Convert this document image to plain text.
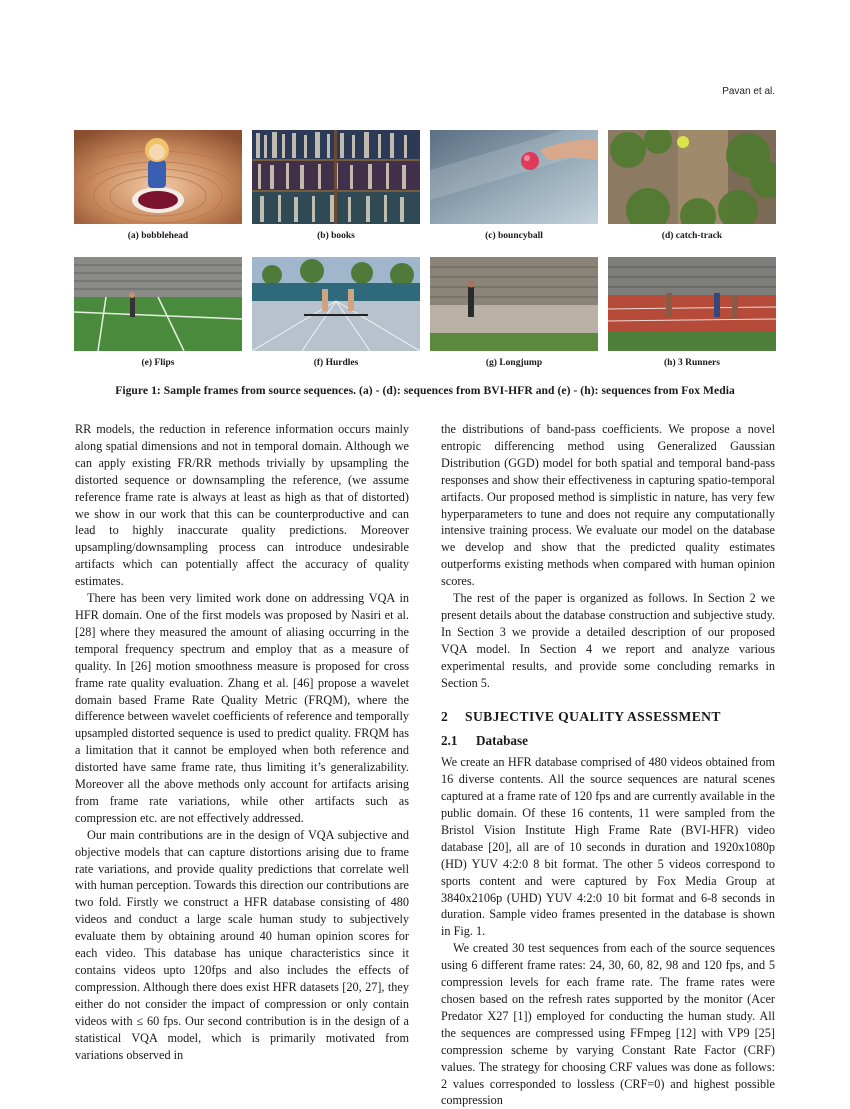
Pavan et al.
(a) bobblehead	(b) books	(c) bouncyball	(d) catch-track
(e) Flips	(f) Hurdles	(g) Longjump	(h) 3 Runners
Figure 1: Sample frames from source sequences. (a) - (d): sequences from BVI-HFR and (e) - (h): sequences from Fox Media

RR models, the reduction in reference information occurs mainly along spatial dimensions and not in temporal domain. Although we can apply existing FR/RR methods trivially by upsampling the distorted sequence or downsampling the reference, (we assume reference frame rate is always at least as high as that of distorted) we show in our work that this can be counterproductive and can lead to highly inaccurate quality predictions. Moreover upsampling/downsampling process can introduce undesirable artifacts which can potentially affect the accuracy of quality estimates.

There has been very limited work done on addressing VQA in HFR domain. One of the first models was proposed by Nasiri et al. [28] where they measured the amount of aliasing occurring in the temporal frequency spectrum and employ that as a measure of quality. In [26] motion smoothness measure is proposed for cross frame rate quality evaluation. Zhang et al. [46] propose a wavelet domain based Frame Rate Quality Metric (FRQM), where the difference between wavelet coefficients of reference and temporally upsampled distorted sequence is used to predict quality. FRQM has a limitation that it cannot be employed when both reference and distorted have same frame rate, thus limiting it’s generalizability. Moreover all the above methods only account for artifacts arising from frame rate variations, while other artifacts such as compression etc. are not effectively addressed.

Our main contributions are in the design of VQA subjective and objective models that can capture distortions arising due to frame rate variations, and provide quality predictions that correlate well with human perception. Towards this direction our contributions are two fold. Firstly we construct a HFR database consisting of 480 videos and conduct a large scale human study to subjectively evaluate them by obtaining around 40 human opinion scores for each video. This database has unique characteristics since it contains videos upto 120fps and also includes the effects of compression. Although there does exist HFR datasets [20, 27], they either do not consider the impact of compression or only contain videos with ≤ 60 fps. Our second contribution is in the design of a statistical VQA model, which is primarily motivated from variations observed in

the distributions of band-pass coefficients. We propose a novel entropic differencing method using Generalized Gaussian Distribution (GGD) model for both spatial and temporal band-pass responses and show their effectiveness in capturing spatio-temporal artifacts. Our proposed method is simplistic in nature, has very few hyperparameters to tune and does not require any computationally intensive training process. We evaluate our model on the database we develop and show that the predicted quality estimates outperforms existing methods when compared with human opinion scores.

The rest of the paper is organized as follows. In Section 2 we present details about the database construction and subjective study. In Section 3 we provide a detailed description of our proposed VQA model. In Section 4 we report and analyze various experimental results, and provide some concluding remarks in Section 5.

2 SUBJECTIVE QUALITY ASSESSMENT
2.1 Database

We create an HFR database comprised of 480 videos obtained from 16 diverse contents. All the source sequences are natural scenes captured at a frame rate of 120 fps and are currently available in the public domain. Of these 16 contents, 11 were sampled from the Bristol Vision Institute High Frame Rate (BVI-HFR) video database [20], all are of 10 seconds in duration and 1920x1080p (HD) YUV 4:2:0 8 bit format. The other 5 videos correspond to sports content and were captured by Fox Media Group at 3840x2106p (UHD) YUV 4:2:0 10 bit format and 6-8 seconds in duration. Sample video frames presented in the database is shown in Fig. 1.

We created 30 test sequences from each of the source sequences using 6 different frame rates: 24, 30, 60, 82, 98 and 120 fps, and 5 compression levels for each frame rate. The frame rates were chosen based on the refresh rates supported by the monitor (Acer Predator X27 [1]) employed for conducting the human study. All the sequences are compressed using FFmpeg [12] with VP9 [25] compression scheme by varying Constant Rate Factor (CRF) values. The strategy for choosing CRF values was done as follows: 2 values corresponded to lossless (CRF=0) and highest possible compression
